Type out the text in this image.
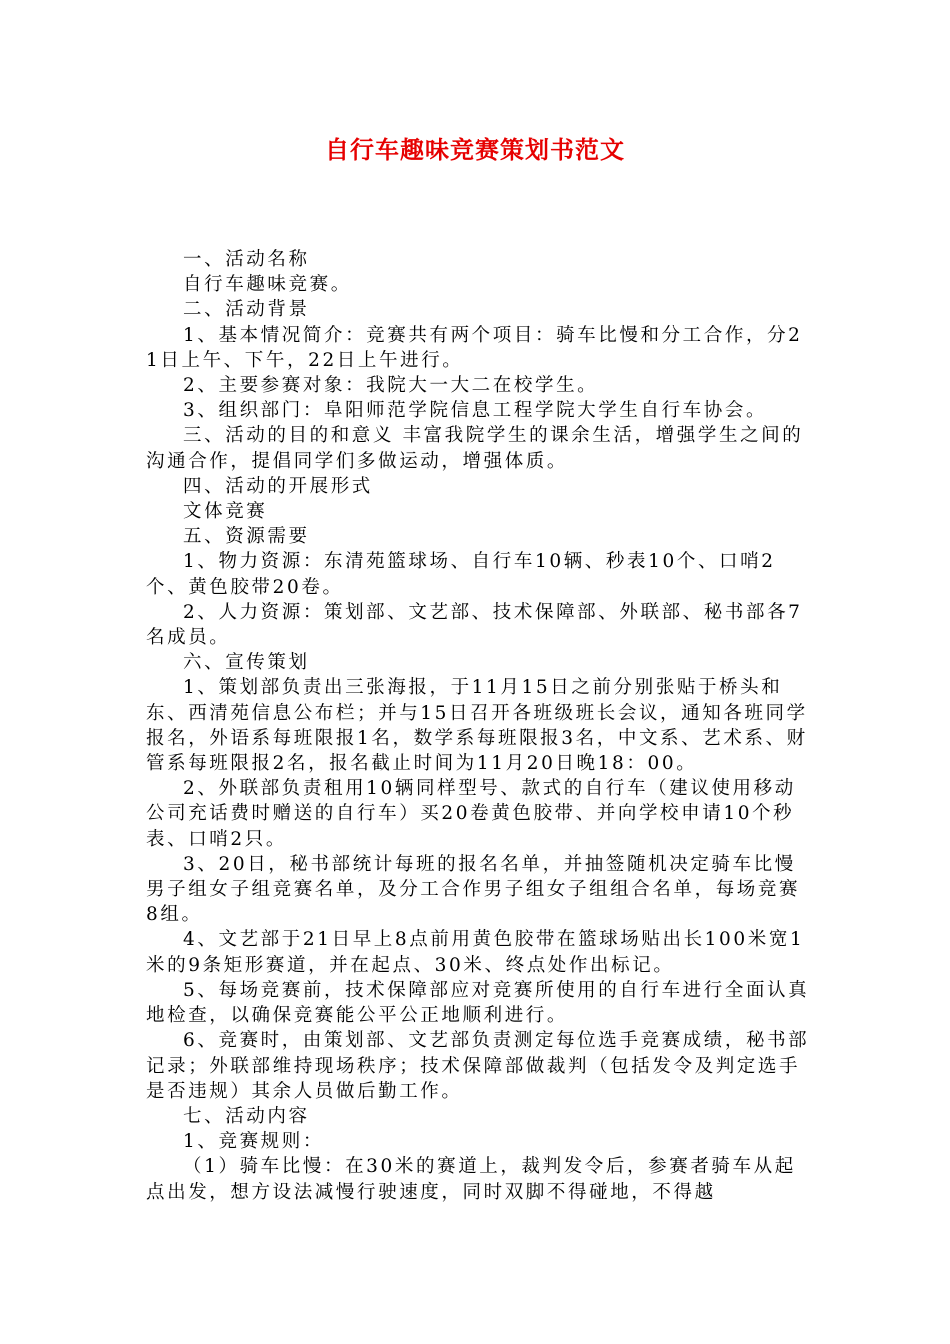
自行车趣味竞赛策划书范文

一、活动名称

自行车趣味竞赛。

二、活动背景

1、基本情况简介：竞赛共有两个项目：骑车比慢和分工合作，分21日上午、下午，22日上午进行。

2、主要参赛对象：我院大一大二在校学生。

3、组织部门：阜阳师范学院信息工程学院大学生自行车协会。

三、活动的目的和意义 丰富我院学生的课余生活，增强学生之间的沟通合作，提倡同学们多做运动，增强体质。

四、活动的开展形式

文体竞赛

五、资源需要

1、物力资源：东清苑篮球场、自行车10辆、秒表10个、口哨2个、黄色胶带20卷。

2、人力资源：策划部、文艺部、技术保障部、外联部、秘书部各7名成员。

六、宣传策划

1、策划部负责出三张海报，于11月15日之前分别张贴于桥头和东、西清苑信息公布栏；并与15日召开各班级班长会议，通知各班同学报名，外语系每班限报1名，数学系每班限报3名，中文系、艺术系、财管系每班限报2名，报名截止时间为11月20日晚18：00。

2、外联部负责租用10辆同样型号、款式的自行车（建议使用移动公司充话费时赠送的自行车）买20卷黄色胶带、并向学校申请10个秒表、口哨2只。

3、20日，秘书部统计每班的报名名单，并抽签随机决定骑车比慢男子组女子组竞赛名单，及分工合作男子组女子组组合名单，每场竞赛8组。

4、文艺部于21日早上8点前用黄色胶带在篮球场贴出长100米宽1米的9条矩形赛道，并在起点、30米、终点处作出标记。

5、每场竞赛前，技术保障部应对竞赛所使用的自行车进行全面认真地检查，以确保竞赛能公平公正地顺利进行。

6、竞赛时，由策划部、文艺部负责测定每位选手竞赛成绩，秘书部记录；外联部维持现场秩序；技术保障部做裁判（包括发令及判定选手是否违规）其余人员做后勤工作。

七、活动内容

1、竞赛规则：

（1）骑车比慢：在30米的赛道上，裁判发令后，参赛者骑车从起点出发，想方设法减慢行驶速度，同时双脚不得碰地，不得越
